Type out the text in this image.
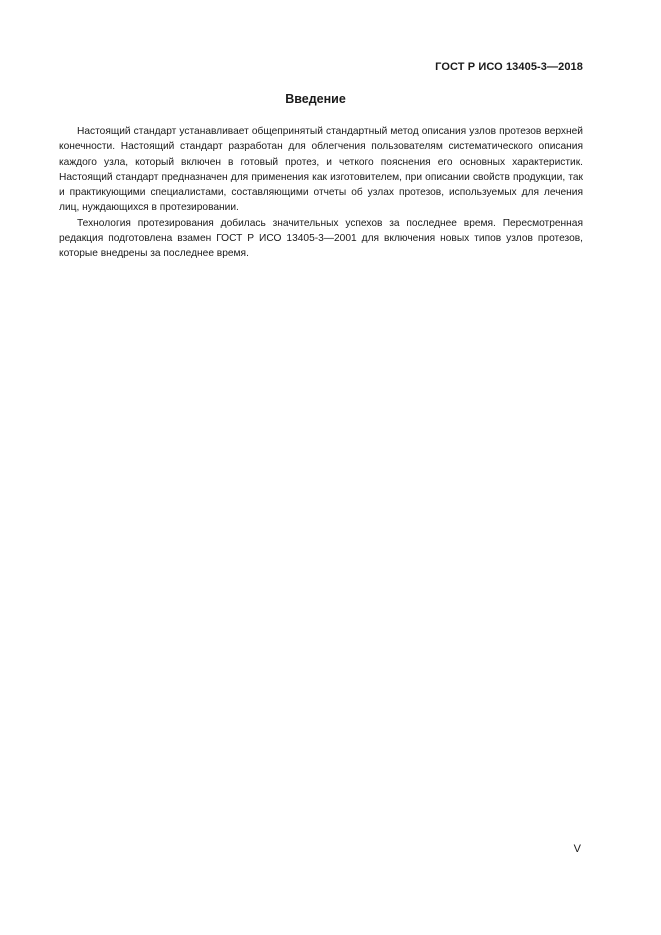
ГОСТ Р ИСО 13405-3—2018
Введение

Настоящий стандарт устанавливает общепринятый стандартный метод описания узлов протезов верхней конечности. Настоящий стандарт разработан для облегчения пользователям систематического описания каждого узла, который включен в готовый протез, и четкого пояснения его основных характеристик. Настоящий стандарт предназначен для применения как изготовителем, при описании свойств продукции, так и практикующими специалистами, составляющими отчеты об узлах протезов, используемых для лечения лиц, нуждающихся в протезировании.

Технология протезирования добилась значительных успехов за последнее время. Пересмотренная редакция подготовлена взамен ГОСТ Р ИСО 13405-3—2001 для включения новых типов узлов протезов, которые внедрены за последнее время.

V
